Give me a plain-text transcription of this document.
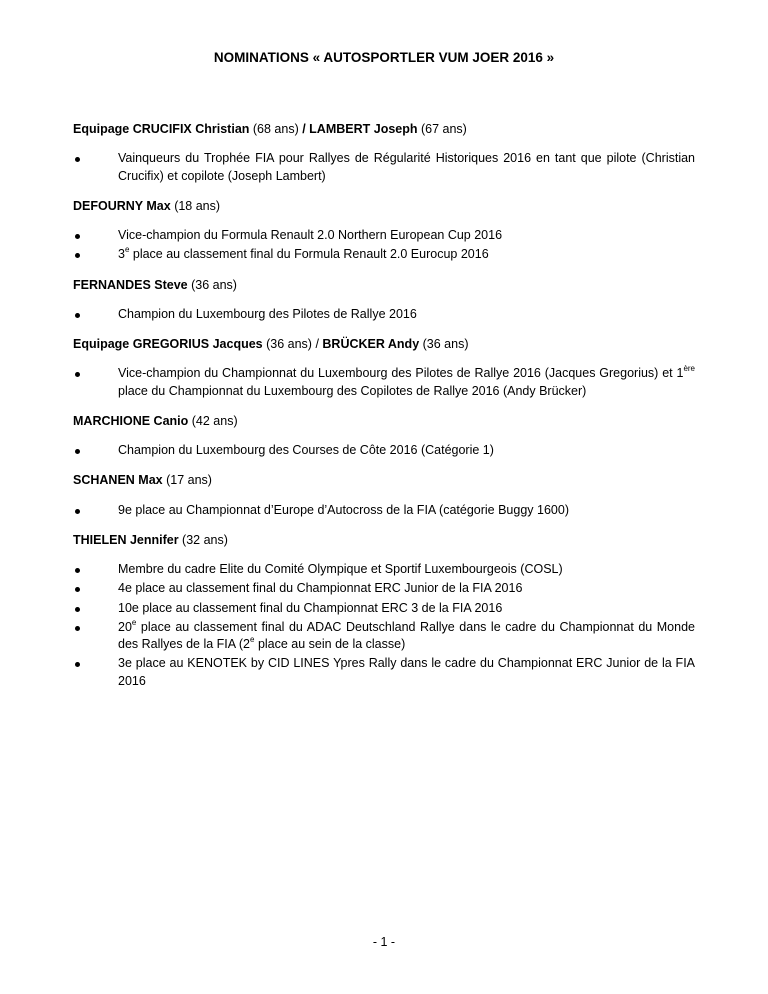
NOMINATIONS « AUTOSPORTLER VUM JOER 2016 »
Equipage CRUCIFIX Christian (68 ans) / LAMBERT Joseph (67 ans)
Vainqueurs du Trophée FIA pour Rallyes de Régularité Historiques 2016 en tant que pilote (Christian Crucifix) et copilote (Joseph Lambert)
DEFOURNY Max (18 ans)
Vice-champion du Formula Renault 2.0 Northern European Cup 2016
3e place au classement final du Formula Renault 2.0 Eurocup 2016
FERNANDES Steve (36 ans)
Champion du Luxembourg des Pilotes de Rallye 2016
Equipage GREGORIUS Jacques (36 ans) / BRÜCKER Andy (36 ans)
Vice-champion du Championnat du Luxembourg des Pilotes de Rallye 2016 (Jacques Gregorius) et 1ère place du Championnat du Luxembourg des Copilotes de Rallye 2016 (Andy Brücker)
MARCHIONE Canio (42 ans)
Champion du Luxembourg des Courses de Côte 2016 (Catégorie 1)
SCHANEN Max (17 ans)
9e place au Championnat d’Europe d’Autocross de la FIA (catégorie Buggy 1600)
THIELEN Jennifer (32 ans)
Membre du cadre Elite du Comité Olympique et Sportif Luxembourgeois (COSL)
4e place au classement final du Championnat ERC Junior de la FIA 2016
10e place au classement final du Championnat ERC 3 de la FIA 2016
20e place au classement final du ADAC Deutschland Rallye dans le cadre du Championnat du Monde des Rallyes de la FIA (2e place au sein de la classe)
3e place au KENOTEK by CID LINES Ypres Rally dans le cadre du Championnat ERC Junior de la FIA 2016
- 1 -
